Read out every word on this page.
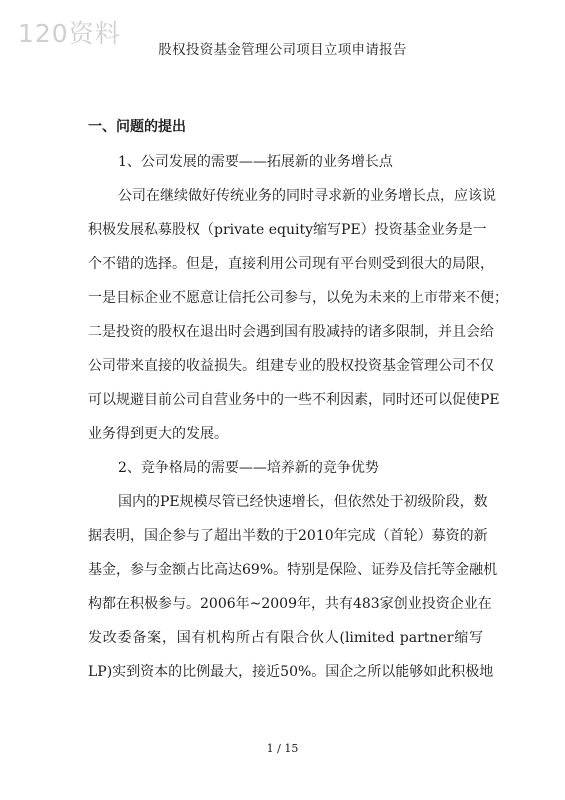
120资料
股权投资基金管理公司项目立项申请报告
一、问题的提出
1、公司发展的需要——拓展新的业务增长点
公司在继续做好传统业务的同时寻求新的业务增长点，应该说
积极发展私募股权（private equity缩写PE）投资基金业务是一
个不错的选择。但是，直接利用公司现有平台则受到很大的局限，
一是目标企业不愿意让信托公司参与，以免为未来的上市带来不便；
二是投资的股权在退出时会遇到国有股减持的诸多限制，并且会给
公司带来直接的收益损失。组建专业的股权投资基金管理公司不仅
可以规避目前公司自营业务中的一些不利因素，同时还可以促使PE
业务得到更大的发展。
2、竞争格局的需要——培养新的竞争优势
国内的PE规模尽管已经快速增长，但依然处于初级阶段，数
据表明，国企参与了超出半数的于2010年完成（首轮）募资的新
基金，参与金额占比高达69%。特别是保险、证券及信托等金融机
构都在积极参与。2006年~2009年，共有483家创业投资企业在
发改委备案，国有机构所占有限合伙人(limited partner缩写
LP)实到资本的比例最大，接近50%。国企之所以能够如此积极地
1 / 15
